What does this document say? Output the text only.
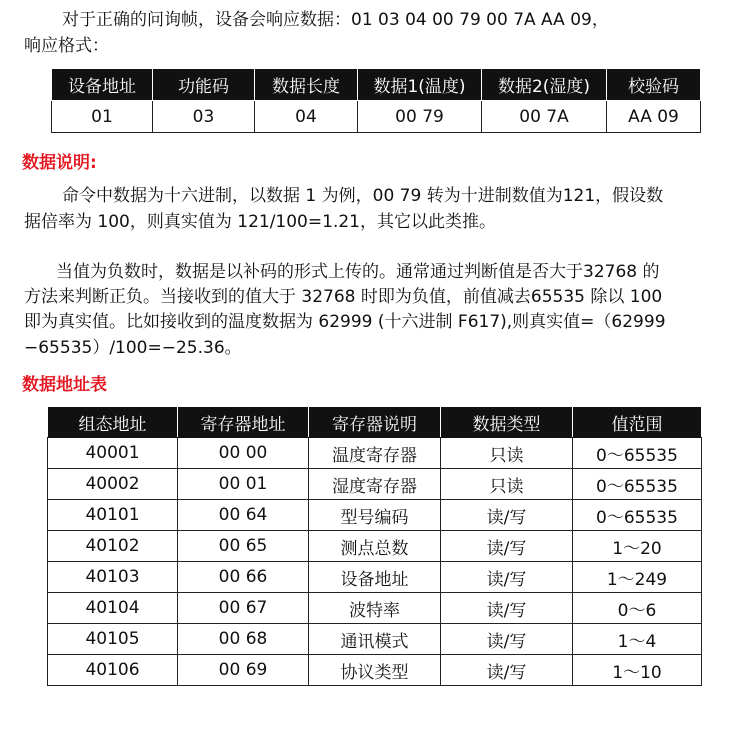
对于正确的问询帧，设备会响应数据：01 03 04 00 79 00 7A AA 09，

响应格式：

设备地址	功能码	数据长度	数据1(温度)	数据2(湿度)	校验码
01	03	04	00 79	00 7A	AA 09

数据说明:

命令中数据为十六进制，以数据 1 为例，00 79 转为十进制数值为121，假设数

据倍率为 100，则真实值为 121/100=1.21，其它以此类推。

当值为负数时，数据是以补码的形式上传的。通常通过判断值是否大于32768 的

方法来判断正负。当接收到的值大于 32768 时即为负值，前值减去65535 除以 100

即为真实值。比如接收到的温度数据为 62999 (十六进制 F617),则真实值=（62999

−65535）/100=−25.36。

数据地址表

组态地址	寄存器地址	寄存器说明	数据类型	值范围
40001	00 00	温度寄存器	只读	0～65535
40002	00 01	湿度寄存器	只读	0～65535
40101	00 64	型号编码	读/写	0～65535
40102	00 65	测点总数	读/写	1～20
40103	00 66	设备地址	读/写	1～249
40104	00 67	波特率	读/写	0～6
40105	00 68	通讯模式	读/写	1～4
40106	00 69	协议类型	读/写	1～10
